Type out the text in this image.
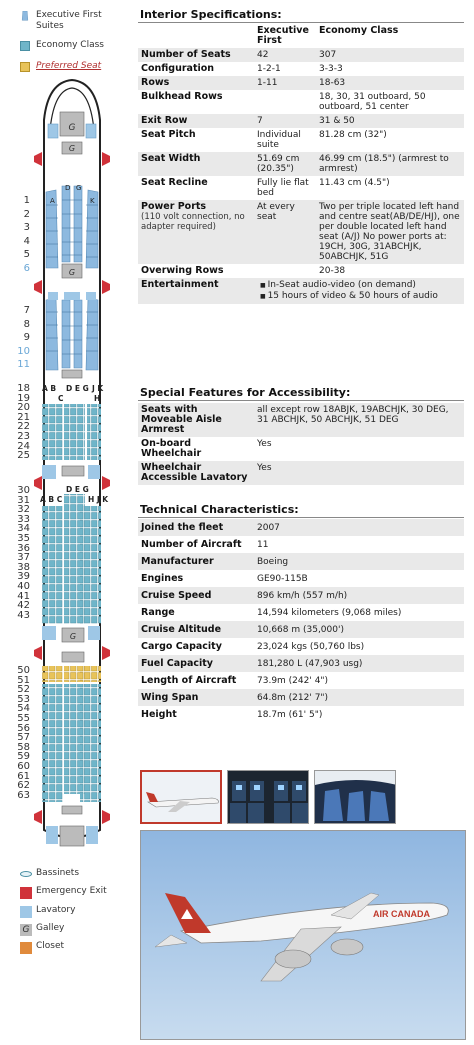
Executive First Suites
Economy Class
Preferred Seat
G
G
A
D G
K
G
A B D E G J K
C	H
D E G
A B C	H J K
G
1
2
3
4
5
6
7
8
9
10
11
18
19
20
21
22
23
24
25
30
31
32
33
34
35
36
37
38
39
40
41
42
43
50
51
52
53
54
55
56
57
58
59
60
61
62
63
Bassinets
Emergency Exit
Lavatory
G Galley
Closet
Interior Specifications:
	Executive First	Economy Class
Number of Seats	42	307
Configuration	1-2-1	3-3-3
Rows	1-11	18-63
Bulkhead Rows		18, 30, 31 outboard, 50 outboard, 51 center
Exit Row	7	31 & 50
Seat Pitch	Individual suite	81.28 cm (32")
Seat Width	51.69 cm (20.35")	46.99 cm (18.5") (armrest to armrest)
Seat Recline	Fully lie flat bed	11.43 cm (4.5")
Power Ports
(110 volt connection, no adapter required)	At every seat	Two per triple located left hand and centre seat(AB/DE/HJ), one per double located left hand seat (A/J) No power ports at: 19CH, 30G, 31ABCHJK, 50ABCHJK, 51G
Overwing Rows		20-38
Entertainment	■ In-Seat audio-video (on demand)
■ 15 hours of video & 50 hours of audio	
Special Features for Accessibility:
Seats with Moveable Aisle Armrest	all except row 18ABJK, 19ABCHJK, 30 DEG, 31 ABCHJK, 50 ABCHJK, 51 DEG
On-board Wheelchair	Yes
Wheelchair Accessible Lavatory	Yes
Technical Characteristics:
Joined the fleet	2007
Number of Aircraft	11
Manufacturer	Boeing
Engines	GE90-115B
Cruise Speed	896 km/h (557 m/h)
Range	14,594 kilometers (9,068 miles)
Cruise Altitude	10,668 m (35,000')
Cargo Capacity	23,024 kgs (50,760 lbs)
Fuel Capacity	181,280 L (47,903 usg)
Length of Aircraft	73.9m (242' 4")
Wing Span	64.8m (212' 7")
Height	18.7m (61' 5")
AIR CANADA
